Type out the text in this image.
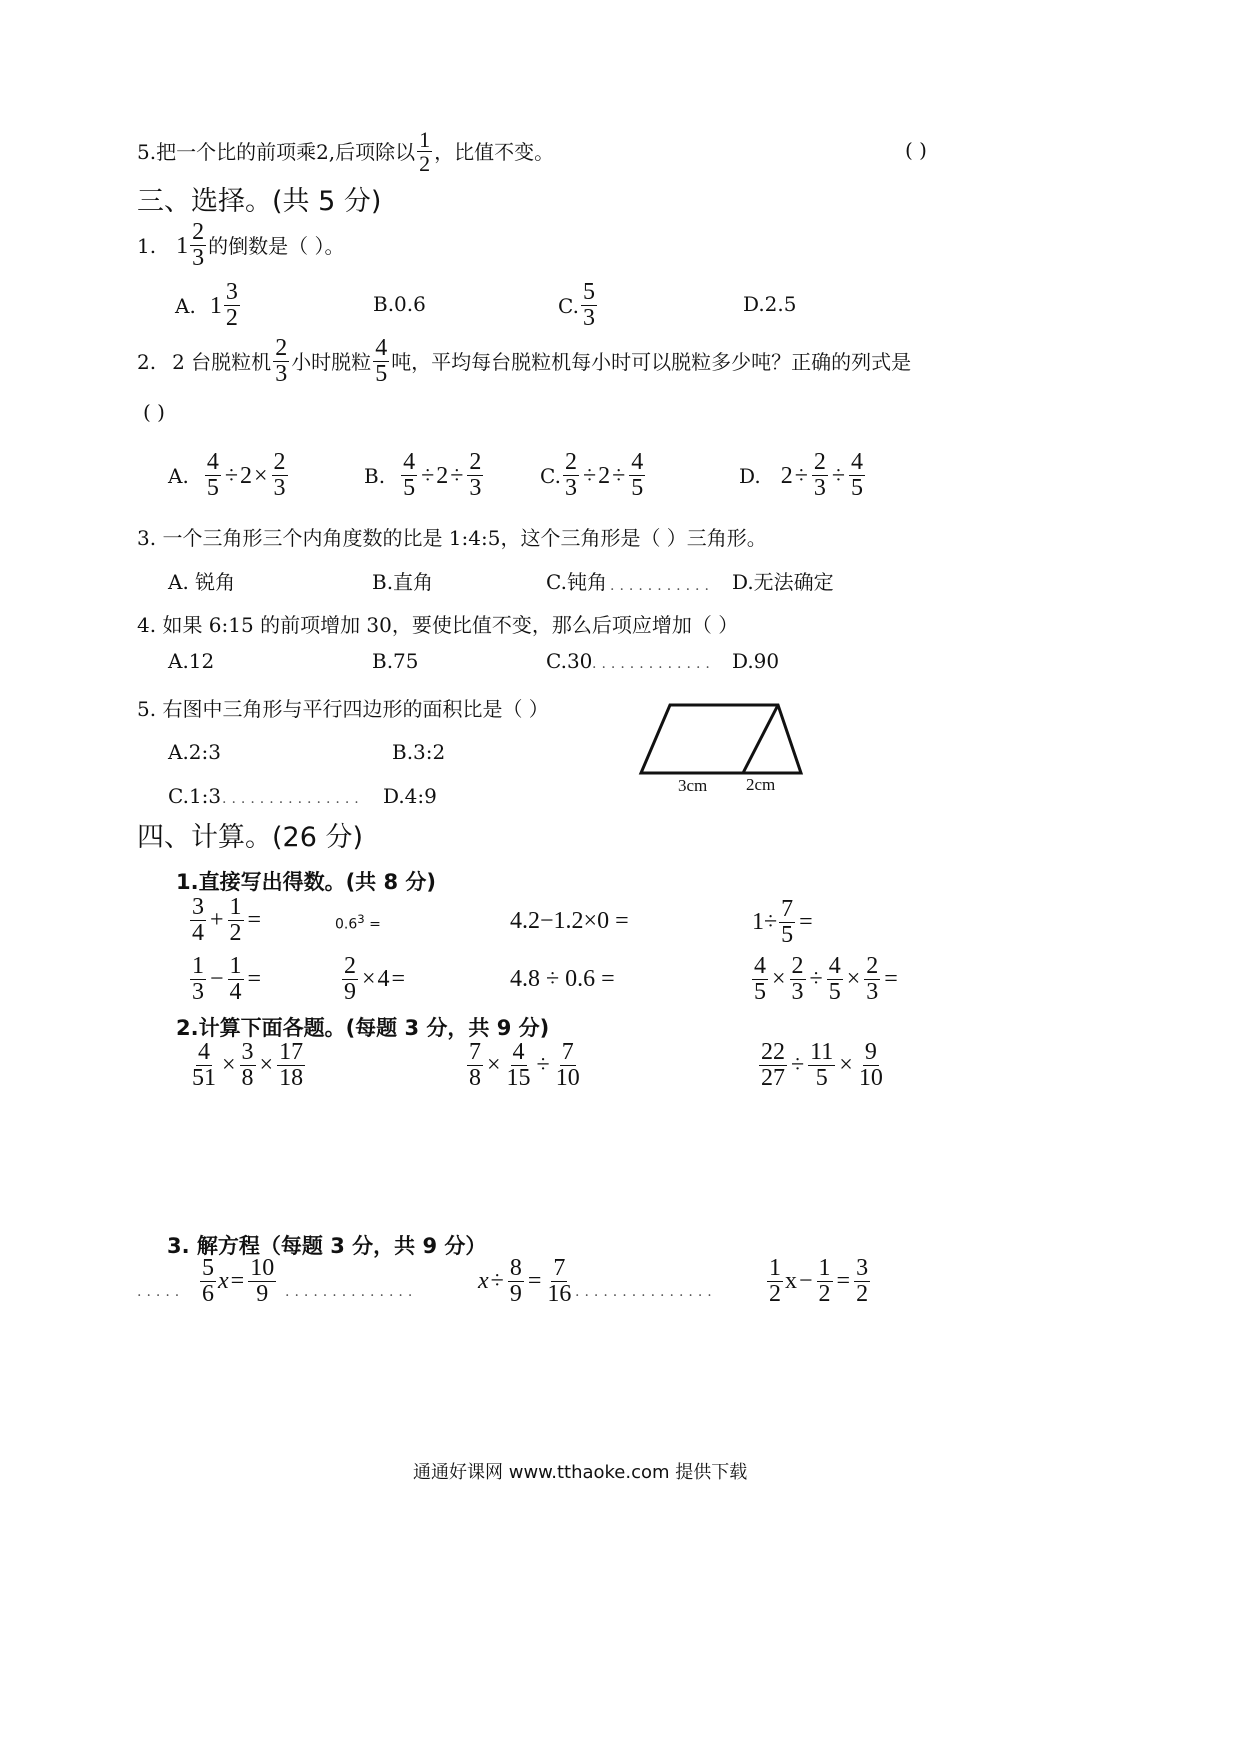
5.把一个比的前项乘2,后项除以 $\frac{1}{2}$ ，比值不变。	( )
三、选择。(共 5 分)
1. $1 \frac{2}{3}$ 的倒数是（ ）。
A. $1 \frac{3}{2}$	B.0.6	C. $\frac{5}{3}$	D.2.5
2. 2 台脱粒机 $\frac{2}{3}$ 小时脱粒 $\frac{4}{5}$ 吨，平均每台脱粒机每小时可以脱粒多少吨？正确的列式是
( )
A. $\frac{4}{5} \div 2 \times \frac{2}{3}$	B. $\frac{4}{5} \div 2 \div \frac{2}{3}$	C. $\frac{2}{3} \div 2 \div \frac{4}{5}$	D. $2 \div \frac{2}{3} \div \frac{4}{5}$
3. 一个三角形三个内角度数的比是 1:4:5，这个三角形是（ ）三角形。
A. 锐角	B.直角	C.钝角 ........... D.无法确定
4. 如果 6:15 的前项增加 30，要使比值不变，那么后项应增加（ ）
A.12	B.75	C.30 ............. D.90
5. 右图中三角形与平行四边形的面积比是（ ）
A.2:3	B.3:2
C.1:3 ............... D.4:9	3cm 2cm
四、计算。(26 分)
1.直接写出得数。(共 8 分)
$\frac{3}{4} + \frac{1}{2}$ =	$0.6^3$ =	4.2−1.2×0 =	$1\div \frac{7}{5}$ =
$\frac{1}{3} - \frac{1}{4}$ =	$\frac{2}{9} \times 4$ =	4.8 ÷ 0.6 =	$\frac{4}{5} \times \frac{2}{3} \div \frac{4}{5} \times \frac{2}{3}$ =
2.计算下面各题。(每题 3 分，共 9 分)
$\frac{4}{51} \times \frac{3}{8} \times \frac{17}{18}$	$\frac{7}{8} \times \frac{4}{15} \div \frac{7}{10}$	$\frac{22}{27} \div \frac{11}{5} \times \frac{9}{10}$
3. 解方程（每题 3 分，共 9 分）
..... $\frac{5}{6}$ $x = \frac{10}{9}$ ..............	$x \div \frac{8}{9} = \frac{7}{16}$ ............... $\frac{1}{2}$ $x - \frac{1}{2} = \frac{3}{2}$
通通好课网 www.tthaoke.com 提供下载
